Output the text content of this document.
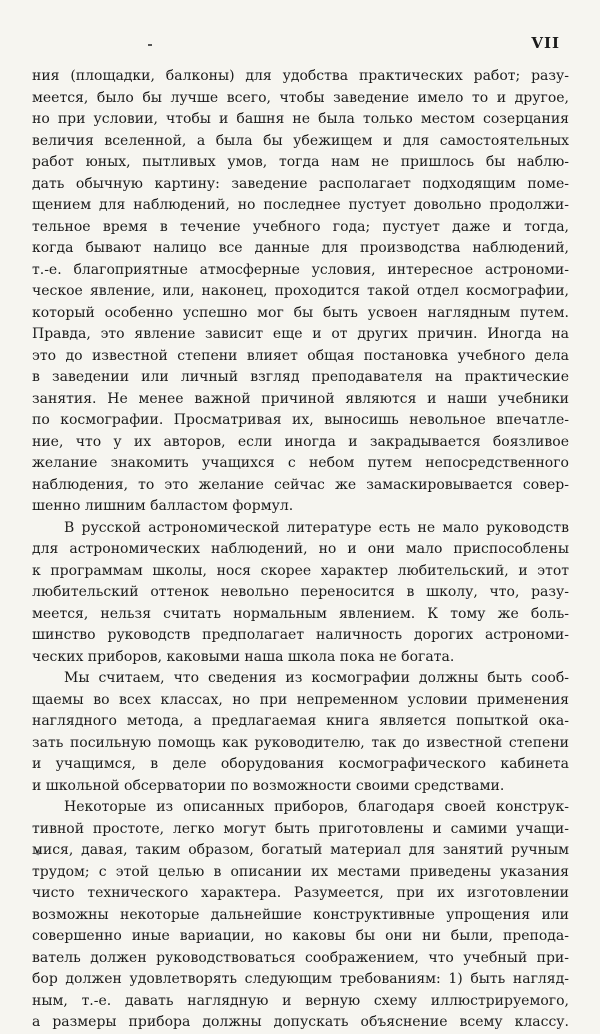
VII
ния (площадки, балконы) для удобства практических работ; разу-
меется, было бы лучше всего, чтобы заведение имело то и другое,
но при условии, чтобы и башня не была только местом созерцания
величия вселенной, а была бы убежищем и для самостоятельных
работ юных, пытливых умов, тогда нам не пришлось бы наблю-
дать обычную картину: заведение располагает подходящим поме-
щением для наблюдений, но последнее пустует довольно продолжи-
тельное время в течение учебного года; пустует даже и тогда,
когда бывают налицо все данные для производства наблюдений,
т.-е. благоприятные атмосферные условия, интересное астрономи-
ческое явление, или, наконец, проходится такой отдел космографии,
который особенно успешно мог бы быть усвоен наглядным путем.
Правда, это явление зависит еще и от других причин. Иногда на
это до известной степени влияет общая постановка учебного дела
в заведении или личный взгляд преподавателя на практические
занятия. Не менее важной причиной являются и наши учебники
по космографии. Просматривая их, выносишь невольное впечатле-
ние, что у их авторов, если иногда и закрадывается боязливое
желание знакомить учащихся с небом путем непосредственного
наблюдения, то это желание сейчас же замаскировывается совер-
шенно лишним балластом формул.
В русской астрономической литературе есть не мало руководств
для астрономических наблюдений, но и они мало приспособлены
к программам школы, нося скорее характер любительский, и этот
любительский оттенок невольно переносится в школу, что, разу-
меется, нельзя считать нормальным явлением. К тому же боль-
шинство руководств предполагает наличность дорогих астрономи-
ческих приборов, каковыми наша школа пока не богата.
Мы считаем, что сведения из космографии должны быть сооб-
щаемы во всех классах, но при непременном условии применения
наглядного метода, а предлагаемая книга является попыткой ока-
зать посильную помощь как руководителю, так до известной степени
и учащимся, в деле оборудования космографического кабинета
и школьной обсерватории по возможности своими средствами.
Некоторые из описанных приборов, благодаря своей конструк-
тивной простоте, легко могут быть приготовлены и самими учащи-
мися, давая, таким образом, богатый материал для занятий ручным
трудом; с этой целью в описании их местами приведены указания
чисто технического характера. Разумеется, при их изготовлении
возможны некоторые дальнейшие конструктивные упрощения или
совершенно иные вариации, но каковы бы они ни были, препода-
ватель должен руководствоваться соображением, что учебный при-
бор должен удовлетворять следующим требованиям: 1) быть нагляд-
ным, т.-е. давать наглядную и верную схему иллюстрируемого,
а размеры прибора должны допускать объяснение всему классу.
